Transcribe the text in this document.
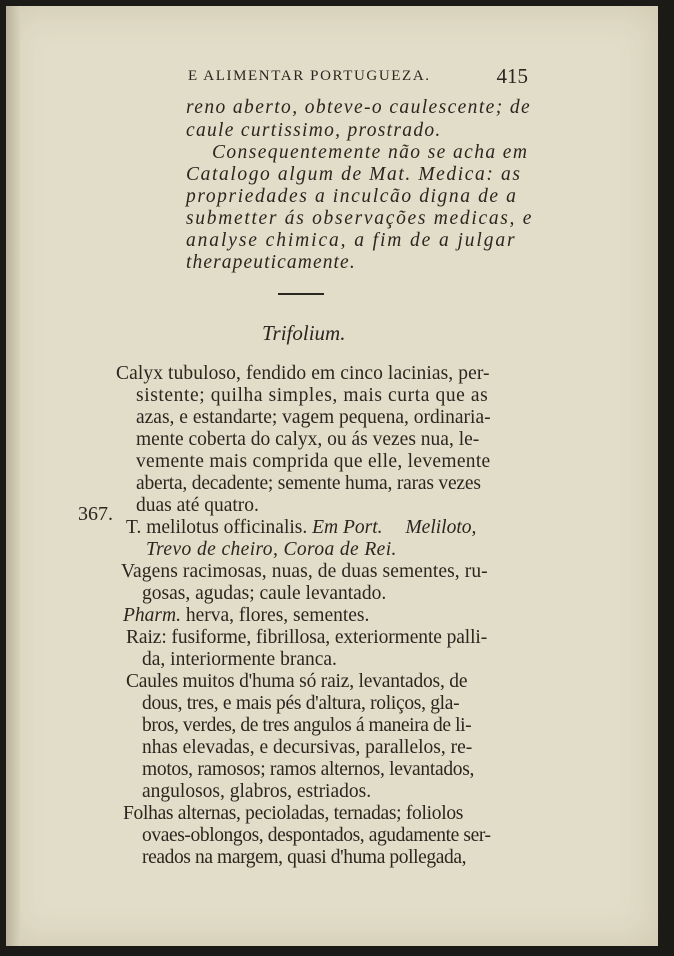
E ALIMENTAR PORTUGUEZA.	415
reno aberto, obteve-o caulescente; de
caule curtissimo, prostrado.
Consequentemente não se acha em
Catalogo algum de Mat. Medica: as
propriedades a inculcão digna de a
submetter ás observações medicas, e
analyse chimica, a fim de a julgar
therapeuticamente.
Trifolium.
Calyx tubuloso, fendido em cinco lacinias, per-
sistente; quilha simples, mais curta que as
azas, e estandarte; vagem pequena, ordinaria-
mente coberta do calyx, ou ás vezes nua, le-
vemente mais comprida que elle, levemente
aberta, decadente; semente huma, raras vezes
duas até quatro.
367.
T. melilotus officinalis. Em Port. Meliloto,
Trevo de cheiro, Coroa de Rei.
Vagens racimosas, nuas, de duas sementes, ru-
gosas, agudas; caule levantado.
Pharm. herva, flores, sementes.
Raiz: fusiforme, fibrillosa, exteriormente palli-
da, interiormente branca.
Caules muitos d'huma só raiz, levantados, de
dous, tres, e mais pés d'altura, roliços, gla-
bros, verdes, de tres angulos á maneira de li-
nhas elevadas, e decursivas, parallelos, re-
motos, ramosos; ramos alternos, levantados,
angulosos, glabros, estriados.
Folhas alternas, pecioladas, ternadas; foliolos
ovaes-oblongos, despontados, agudamente ser-
reados na margem, quasi d'huma pollegada,
